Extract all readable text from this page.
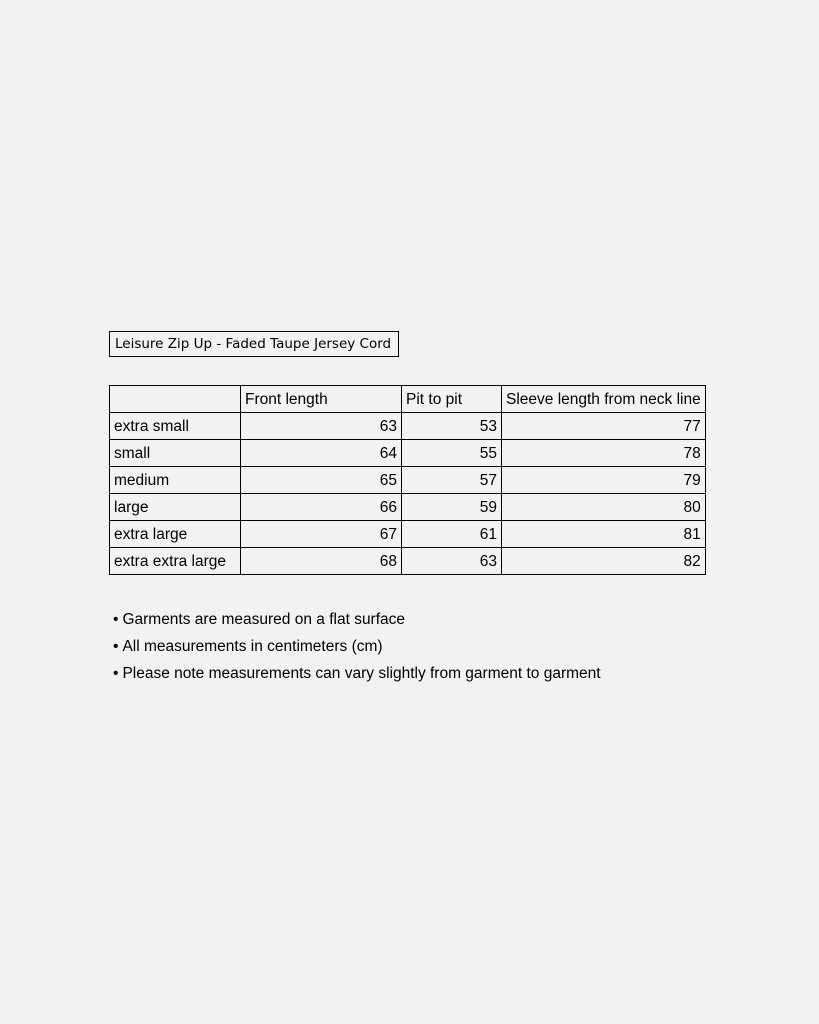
Leisure Zip Up - Faded Taupe Jersey Cord
	Front length	Pit to pit	Sleeve length from neck line
extra small	63	53	77
small	64	55	78
medium	65	57	79
large	66	59	80
extra large	67	61	81
extra extra large	68	63	82
• Garments are measured on a flat surface
• All measurements in centimeters (cm)
• Please note measurements can vary slightly from garment to garment
